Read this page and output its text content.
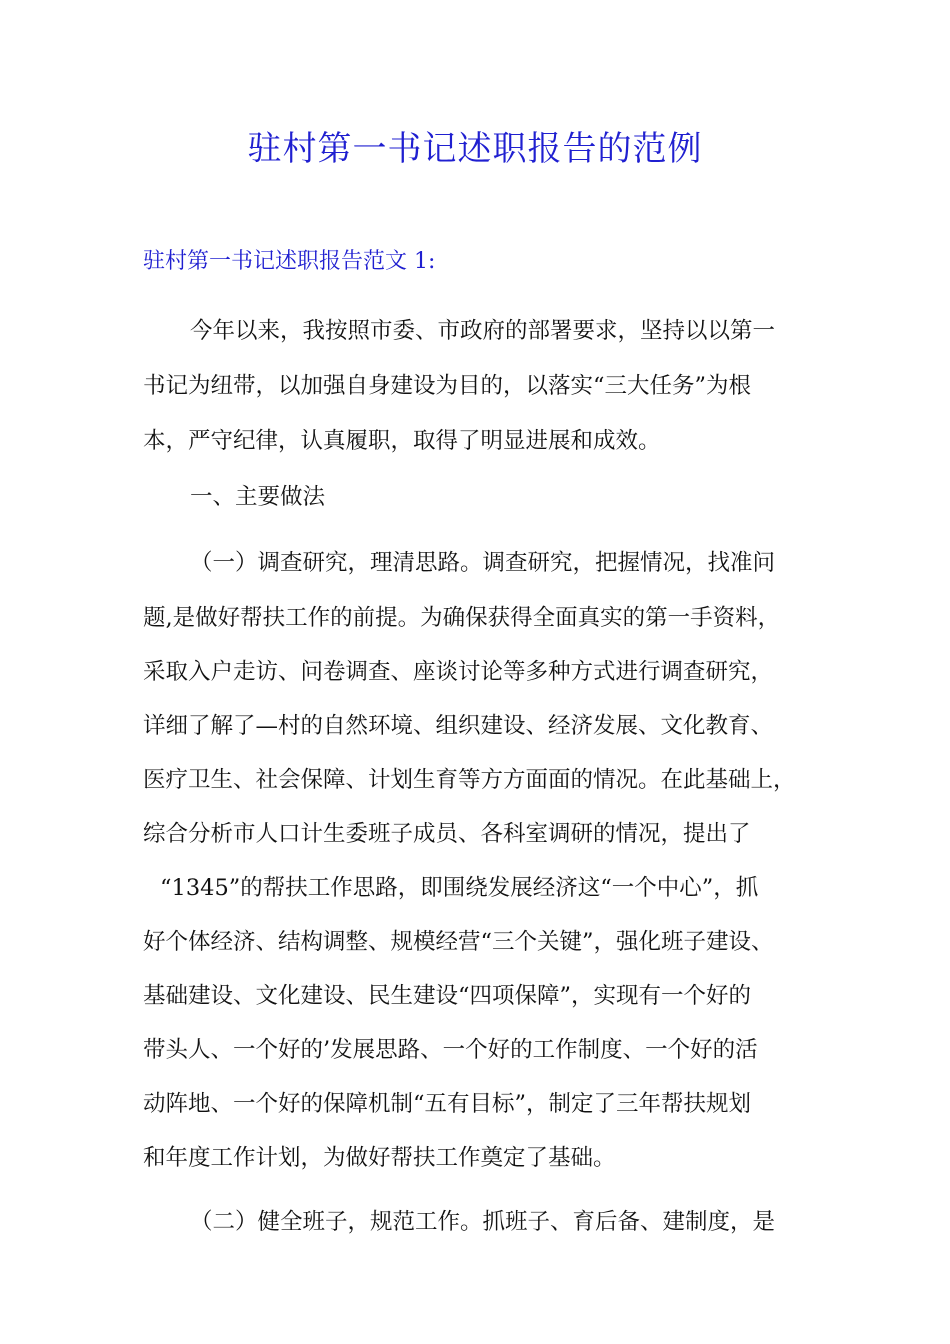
驻村第一书记述职报告的范例
驻村第一书记述职报告范文 1:
今年以来，我按照市委、市政府的部署要求，坚持以以第一
书记为纽带，以加强自身建设为目的，以落实“三大任务”为根
本，严守纪律，认真履职，取得了明显进展和成效。
一、主要做法
（一）调查研究，理清思路。调查研究，把握情况，找准问
题,是做好帮扶工作的前提。为确保获得全面真实的第一手资料，
采取入户走访、问卷调查、座谈讨论等多种方式进行调查研究，
详细了解了—村的自然环境、组织建设、经济发展、文化教育、
医疗卫生、社会保障、计划生育等方方面面的情况。在此基础上，
综合分析市人口计生委班子成员、各科室调研的情况，提出了
“1345”的帮扶工作思路，即围绕发展经济这“一个中心”，抓
好个体经济、结构调整、规模经营“三个关键”，强化班子建设、
基础建设、文化建设、民生建设“四项保障”，实现有一个好的
带头人、一个好的’发展思路、一个好的工作制度、一个好的活
动阵地、一个好的保障机制“五有目标”，制定了三年帮扶规划
和年度工作计划，为做好帮扶工作奠定了基础。
（二）健全班子，规范工作。抓班子、育后备、建制度，是
